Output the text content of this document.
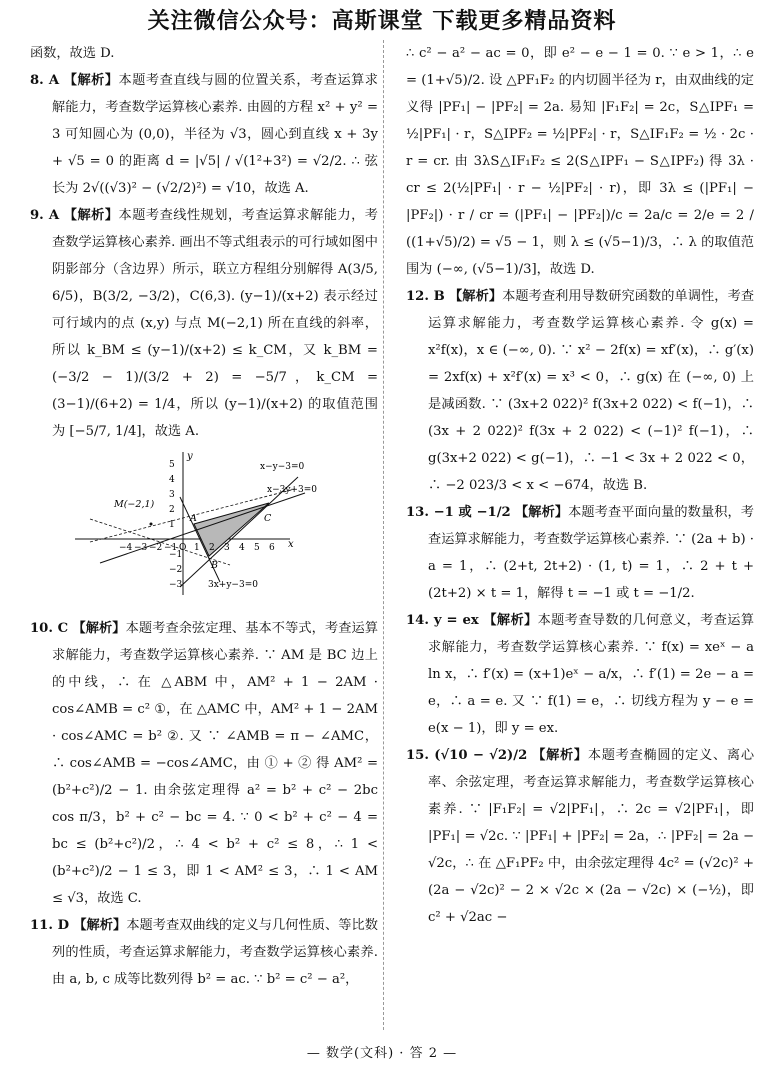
关注微信公众号：高斯课堂 下载更多精品资料

函数，故选 D.

8. A 【解析】本题考查直线与圆的位置关系，考查运算求解能力，考查数学运算核心素养. 由圆的方程 x² + y² = 3 可知圆心为 (0,0)，半径为 √3，圆心到直线 x + 3y + √5 = 0 的距离 d = |√5| / √(1²+3²) = √2/2. ∴ 弦长为 2√((√3)² − (√2/2)²) = √10，故选 A.

9. A 【解析】本题考查线性规划，考查运算求解能力，考查数学运算核心素养. 画出不等式组表示的可行域如图中阴影部分（含边界）所示，联立方程组分别解得 A(3/5, 6/5)，B(3/2, −3/2)，C(6,3). (y−1)/(x+2) 表示经过可行域内的点 (x,y) 与点 M(−2,1) 所在直线的斜率，所以 k_BM ≤ (y−1)/(x+2) ≤ k_CM，又 k_BM = (−3/2 − 1)/(3/2 + 2) = −5/7，k_CM = (3−1)/(6+2) = 1/4，所以 (y−1)/(x+2) 的取值范围为 [−5/7, 1/4]，故选 A.

y
x
M(−2,1)
A
B
C
x−y−3=0
x−3y+3=0
3x+y−3=0
−4 −3 −2 −1 O 1 2 3 4 5 6
5
4
3
2
1
−1
−2
−3

10. C 【解析】本题考查余弦定理、基本不等式，考查运算求解能力，考查数学运算核心素养. ∵ AM 是 BC 边上的中线，∴ 在 △ABM 中，AM² + 1 − 2AM · cos∠AMB = c² ①，在 △AMC 中，AM² + 1 − 2AM · cos∠AMC = b² ②. 又 ∵ ∠AMB = π − ∠AMC，∴ cos∠AMB = −cos∠AMC，由 ① + ② 得 AM² = (b²+c²)/2 − 1. 由余弦定理得 a² = b² + c² − 2bc cos π/3，b² + c² − bc = 4. ∵ 0 < b² + c² − 4 = bc ≤ (b²+c²)/2，∴ 4 < b² + c² ≤ 8，∴ 1 < (b²+c²)/2 − 1 ≤ 3，即 1 < AM² ≤ 3，∴ 1 < AM ≤ √3，故选 C.

11. D 【解析】本题考查双曲线的定义与几何性质、等比数列的性质，考查运算求解能力，考查数学运算核心素养. 由 a, b, c 成等比数列得 b² = ac. ∵ b² = c² − a²，

∴ c² − a² − ac = 0，即 e² − e − 1 = 0. ∵ e > 1，∴ e = (1+√5)/2. 设 △PF₁F₂ 的内切圆半径为 r，由双曲线的定义得 |PF₁| − |PF₂| = 2a. 易知 |F₁F₂| = 2c，S△IPF₁ = ½|PF₁| · r，S△IPF₂ = ½|PF₂| · r，S△IF₁F₂ = ½ · 2c · r = cr. 由 3λS△IF₁F₂ ≤ 2(S△IPF₁ − S△IPF₂) 得 3λ · cr ≤ 2(½|PF₁| · r − ½|PF₂| · r)，即 3λ ≤ (|PF₁| − |PF₂|) · r / cr = (|PF₁| − |PF₂|)/c = 2a/c = 2/e = 2 / ((1+√5)/2) = √5 − 1，则 λ ≤ (√5−1)/3，∴ λ 的取值范围为 (−∞, (√5−1)/3]，故选 D.

12. B 【解析】本题考查利用导数研究函数的单调性，考查运算求解能力，考查数学运算核心素养. 令 g(x) = x²f(x)，x ∈ (−∞, 0). ∵ x² − 2f(x) = xf′(x)，∴ g′(x) = 2xf(x) + x²f′(x) = x³ < 0，∴ g(x) 在 (−∞, 0) 上是减函数. ∵ (3x+2 022)² f(3x+2 022) < f(−1)，∴ (3x + 2 022)² f(3x + 2 022) < (−1)² f(−1)，∴ g(3x+2 022) < g(−1)，∴ −1 < 3x + 2 022 < 0，∴ −2 023/3 < x < −674，故选 B.

13. −1 或 −1/2 【解析】本题考查平面向量的数量积，考查运算求解能力，考查数学运算核心素养. ∵ (2a + b) · a = 1，∴ (2+t, 2t+2) · (1, t) = 1，∴ 2 + t + (2t+2) × t = 1，解得 t = −1 或 t = −1/2.

14. y = ex 【解析】本题考查导数的几何意义，考查运算求解能力，考查数学运算核心素养. ∵ f(x) = xeˣ − a ln x，∴ f′(x) = (x+1)eˣ − a/x，∴ f′(1) = 2e − a = e，∴ a = e. 又 ∵ f(1) = e，∴ 切线方程为 y − e = e(x − 1)，即 y = ex.

15. (√10 − √2)/2 【解析】本题考查椭圆的定义、离心率、余弦定理，考查运算求解能力，考查数学运算核心素养. ∵ |F₁F₂| = √2|PF₁|，∴ 2c = √2|PF₁|，即 |PF₁| = √2c. ∵ |PF₁| + |PF₂| = 2a，∴ |PF₂| = 2a − √2c，∴ 在 △F₁PF₂ 中，由余弦定理得 4c² = (√2c)² + (2a − √2c)² − 2 × √2c × (2a − √2c) × (−½)，即 c² + √2ac −

— 数学(文科) · 答 2 —
